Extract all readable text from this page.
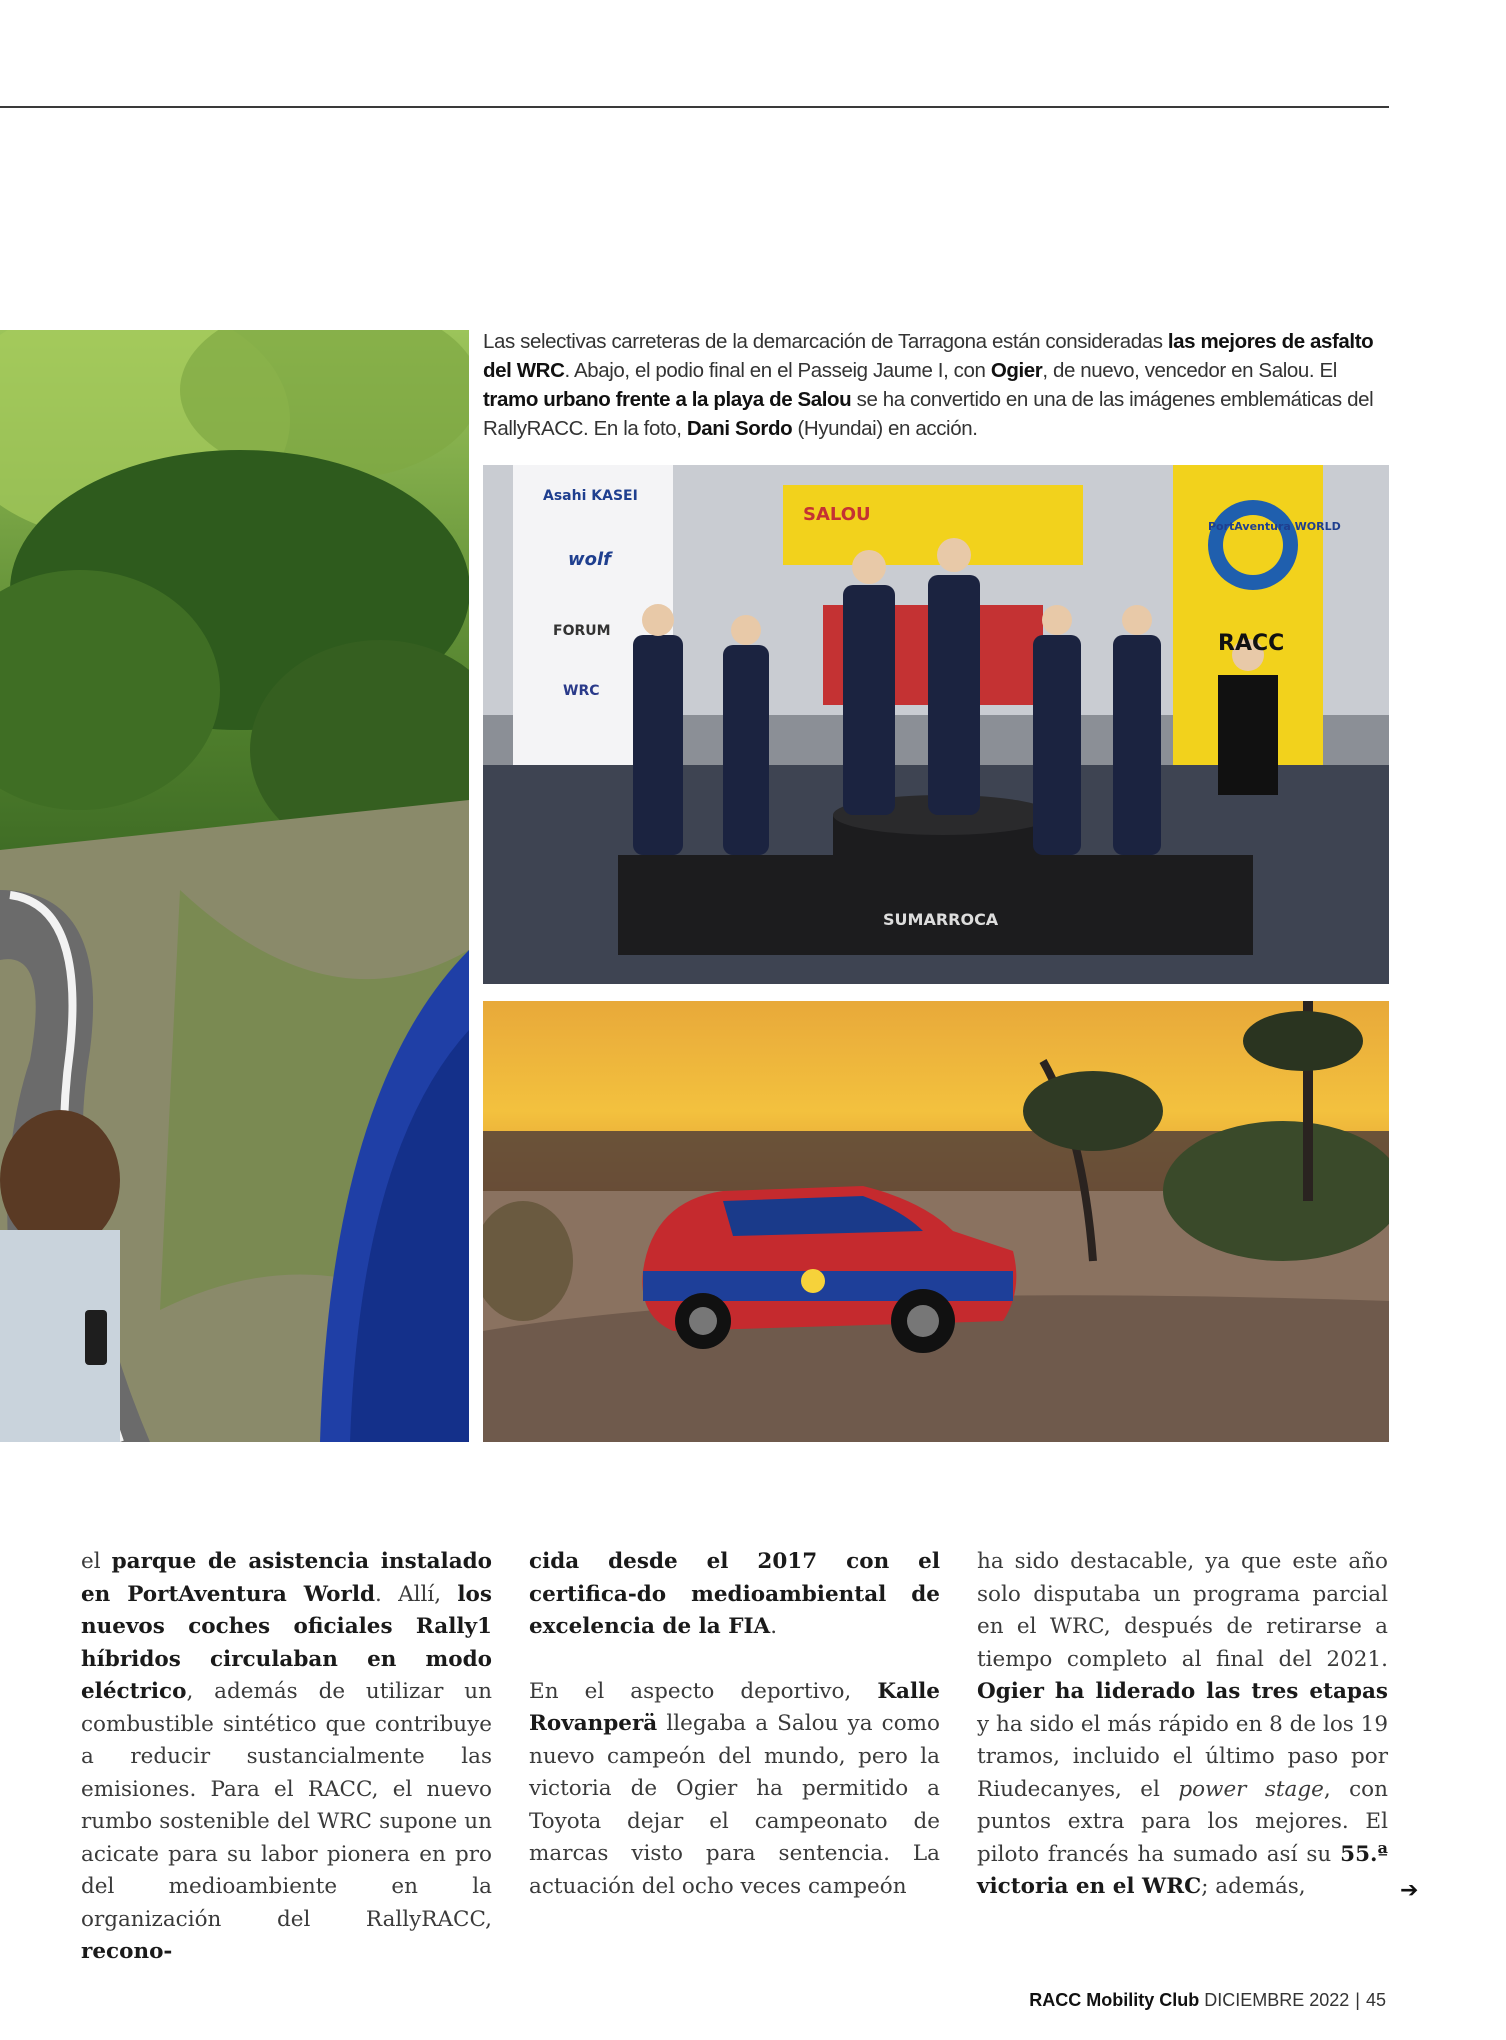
Las selectivas carreteras de la demarcación de Tarragona están consideradas las mejores de asfalto del WRC. Abajo, el podio final en el Passeig Jaume I, con Ogier, de nuevo, vencedor en Salou. El tramo urbano frente a la playa de Salou se ha convertido en una de las imágenes emblemáticas del RallyRACC. En la foto, Dani Sordo (Hyundai) en acción.
Asahi KASEI
wolf
FORUM
WRC
PortAventura WORLD
SUMARROCA
SALOU
RACC

el parque de asistencia instalado en PortAventura World. Allí, los nuevos coches oficiales Rally1 híbridos circulaban en modo eléctrico, además de utilizar un combustible sintético que contribuye a reducir sustancialmente las emisiones. Para el RACC, el nuevo rumbo sostenible del WRC supone un acicate para su labor pionera en pro del medioambiente en la organización del RallyRACC, recono-

cida desde el 2017 con el certifica-do medioambiental de excelencia de la FIA.

En el aspecto deportivo, Kalle Rovanperä llegaba a Salou ya como nuevo campeón del mundo, pero la victoria de Ogier ha permitido a Toyota dejar el campeonato de marcas visto para sentencia. La actuación del ocho veces campeón

ha sido destacable, ya que este año solo disputaba un programa parcial en el WRC, después de retirarse a tiempo completo al final del 2021. Ogier ha liderado las tres etapas y ha sido el más rápido en 8 de los 19 tramos, incluido el último paso por Riudecanyes, el power stage, con puntos extra para los mejores. El piloto francés ha sumado así su 55.ª victoria en el WRC; además,	➔
RACC Mobility Club DICIEMBRE 2022 | 45
